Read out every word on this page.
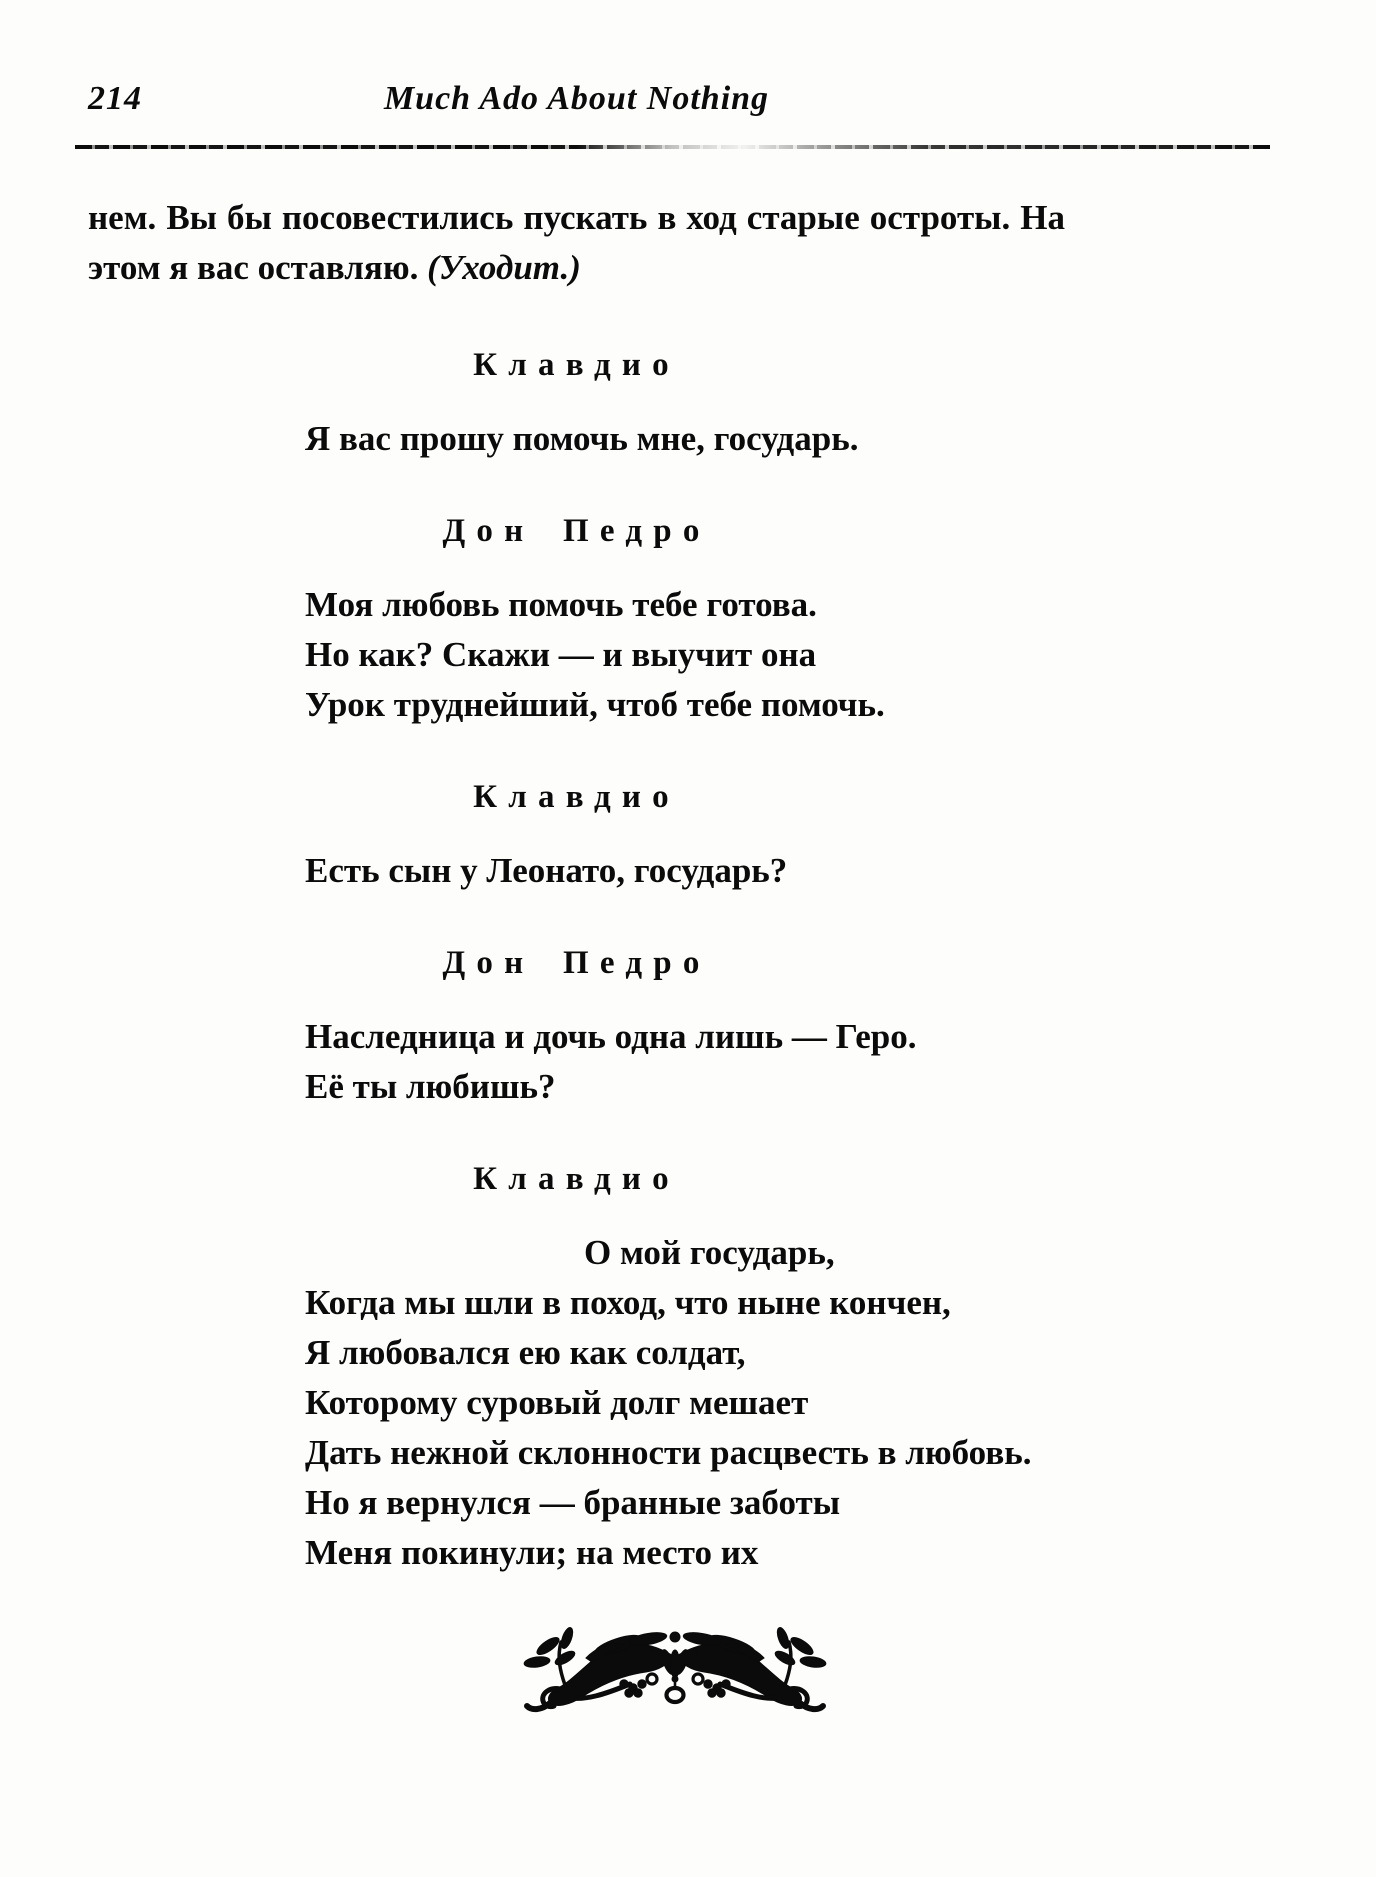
214	Much Ado About Nothing
нем. Вы бы посовестились пускать в ход старые остроты. На
этом я вас оставляю. (Уходит.)
Клавдио
Я вас прошу помочь мне, государь.
Дон Педро
Моя любовь помочь тебе готова.
Но как? Скажи — и выучит она
Урок труднейший, чтоб тебе помочь.
Клавдио
Есть сын у Леонато, государь?
Дон Педро
Наследница и дочь одна лишь — Геро.
Её ты любишь?
Клавдио
О мой государь,
Когда мы шли в поход, что ныне кончен,
Я любовался ею как солдат,
Которому суровый долг мешает
Дать нежной склонности расцвесть в любовь.
Но я вернулся — бранные заботы
Меня покинули; на место их
